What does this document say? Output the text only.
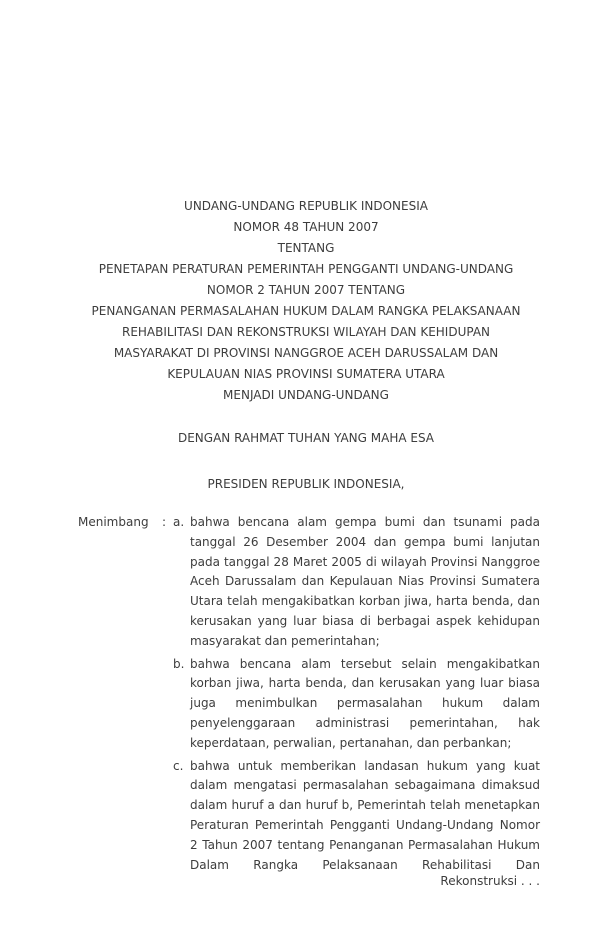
UNDANG-UNDANG REPUBLIK INDONESIA
NOMOR 48 TAHUN 2007
TENTANG
PENETAPAN PERATURAN PEMERINTAH PENGGANTI UNDANG-UNDANG
NOMOR 2 TAHUN 2007 TENTANG
PENANGANAN PERMASALAHAN HUKUM DALAM RANGKA PELAKSANAAN
REHABILITASI DAN REKONSTRUKSI WILAYAH DAN KEHIDUPAN
MASYARAKAT DI PROVINSI NANGGROE ACEH DARUSSALAM DAN
KEPULAUAN NIAS PROVINSI SUMATERA UTARA
MENJADI UNDANG-UNDANG
DENGAN RAHMAT TUHAN YANG MAHA ESA
PRESIDEN REPUBLIK INDONESIA,
Menimbang	: a. bahwa bencana alam gempa bumi dan tsunami pada tanggal 26 Desember 2004 dan gempa bumi lanjutan pada tanggal 28 Maret 2005 di wilayah Provinsi Nanggroe Aceh Darussalam dan Kepulauan Nias Provinsi Sumatera Utara telah mengakibatkan korban jiwa, harta benda, dan kerusakan yang luar biasa di berbagai aspek kehidupan masyarakat dan pemerintahan;
b. bahwa bencana alam tersebut selain mengakibatkan korban jiwa, harta benda, dan kerusakan yang luar biasa juga menimbulkan permasalahan hukum dalam penyelenggaraan administrasi pemerintahan, hak keperdataan, perwalian, pertanahan, dan perbankan;
c. bahwa untuk memberikan landasan hukum yang kuat dalam mengatasi permasalahan sebagaimana dimaksud dalam huruf a dan huruf b, Pemerintah telah menetapkan Peraturan Pemerintah Pengganti Undang-Undang Nomor 2 Tahun 2007 tentang Penanganan Permasalahan Hukum Dalam Rangka Pelaksanaan Rehabilitasi Dan
Rekonstruksi . . .
